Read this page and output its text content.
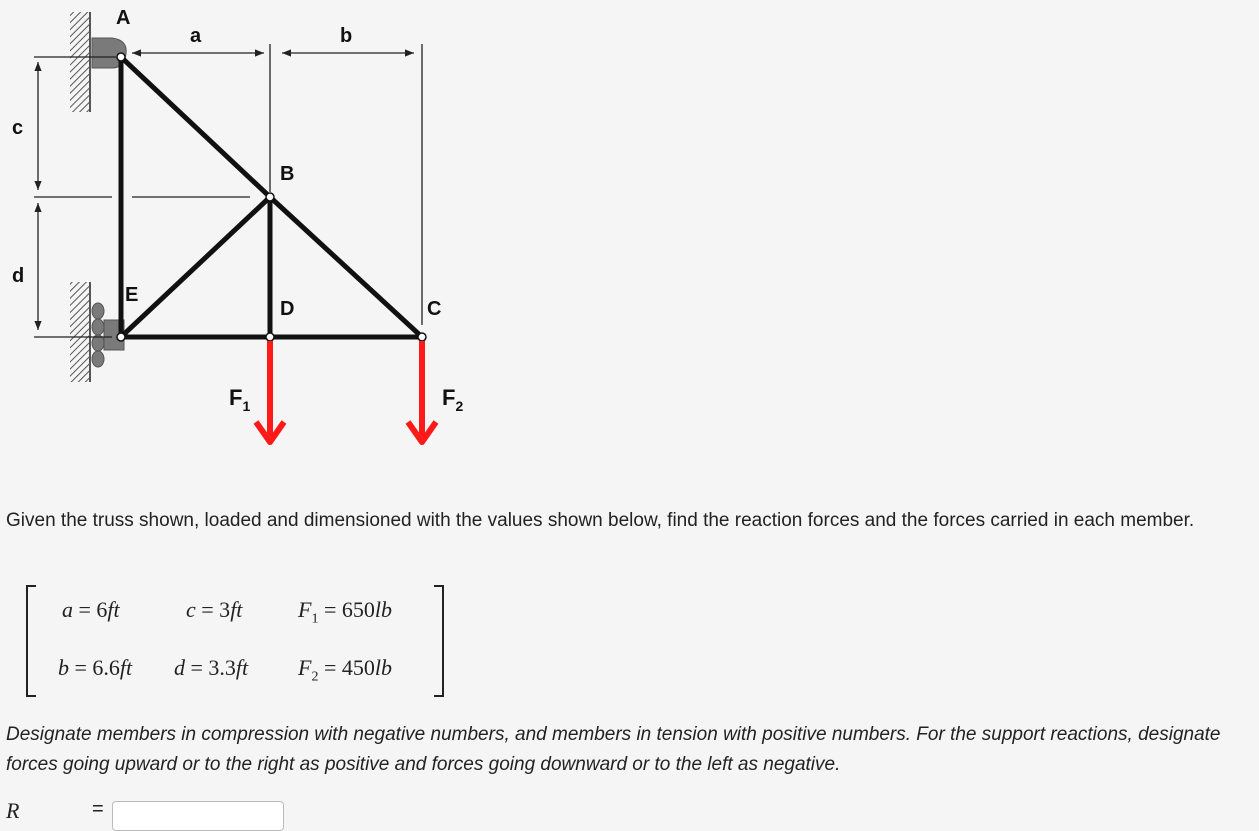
A
a	b
c
d
B
E
D	C
$F_1$	$F_2$

Given the truss shown, loaded and dimensioned with the values shown below, find the reaction forces and the forces carried in each member.

a = 6ft	c = 3ft	$F_1 = 650lb$
b = 6.6ft d = 3.3ft $F_2 = 450lb$

Designate members in compression with negative numbers, and members in tension with positive numbers. For the support reactions, designate forces going upward or to the right as positive and forces going downward or to the left as negative.

R	=
